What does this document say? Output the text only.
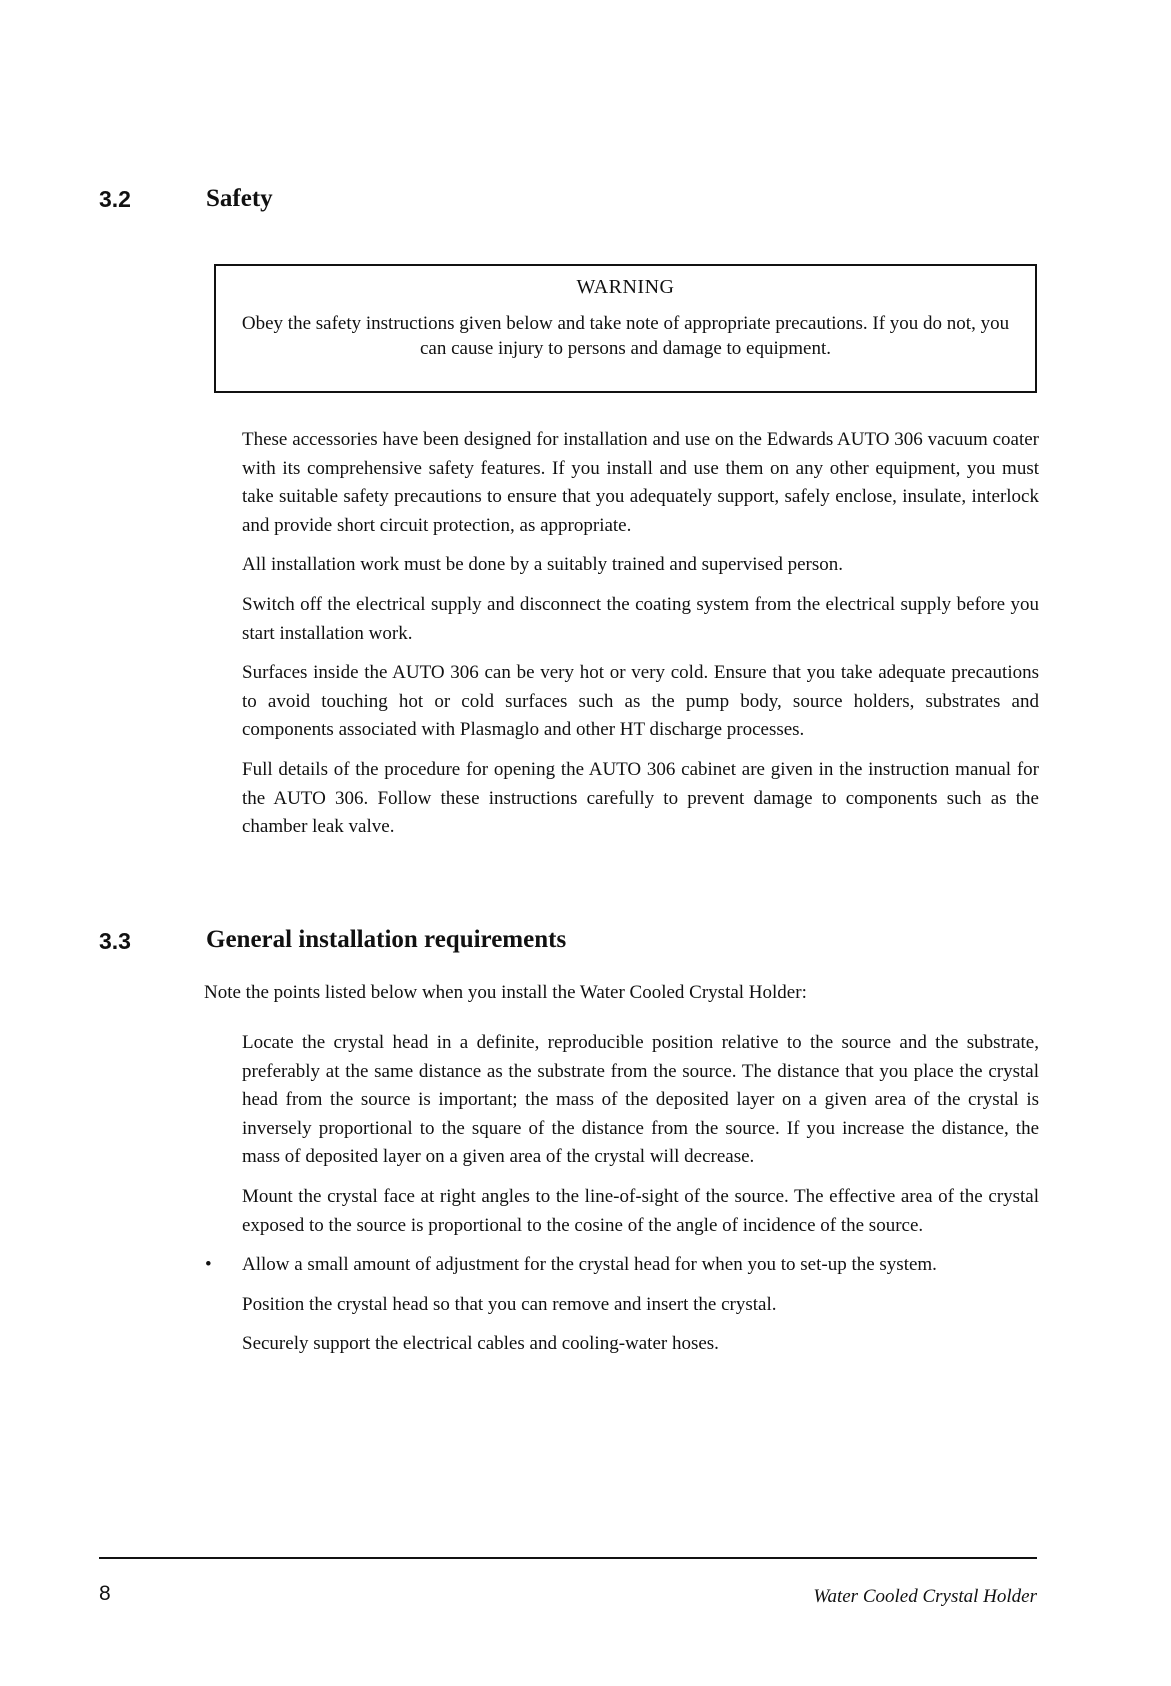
3.2	Safety
WARNING
Obey the safety instructions given below and take note of appropriate precautions. If you do not, you can cause injury to persons and damage to equipment.

These accessories have been designed for installation and use on the Edwards AUTO 306 vacuum coater with its comprehensive safety features. If you install and use them on any other equipment, you must take suitable safety precautions to ensure that you adequately support, safely enclose, insulate, interlock and provide short circuit protection, as appropriate.

All installation work must be done by a suitably trained and supervised person.

Switch off the electrical supply and disconnect the coating system from the electrical supply before you start installation work.

Surfaces inside the AUTO 306 can be very hot or very cold. Ensure that you take adequate precautions to avoid touching hot or cold surfaces such as the pump body, source holders, substrates and components associated with Plasmaglo and other HT discharge processes.

Full details of the procedure for opening the AUTO 306 cabinet are given in the instruction manual for the AUTO 306. Follow these instructions carefully to prevent damage to components such as the chamber leak valve.

3.3	General installation requirements
Note the points listed below when you install the Water Cooled Crystal Holder:

Locate the crystal head in a definite, reproducible position relative to the source and the substrate, preferably at the same distance as the substrate from the source. The distance that you place the crystal head from the source is important; the mass of the deposited layer on a given area of the crystal is inversely proportional to the square of the distance from the source. If you increase the distance, the mass of deposited layer on a given area of the crystal will decrease.

Mount the crystal face at right angles to the line-of-sight of the source. The effective area of the crystal exposed to the source is proportional to the cosine of the angle of incidence of the source.

• Allow a small amount of adjustment for the crystal head for when you to set-up the system.

Position the crystal head so that you can remove and insert the crystal.

Securely support the electrical cables and cooling-water hoses.

8	Water Cooled Crystal Holder
